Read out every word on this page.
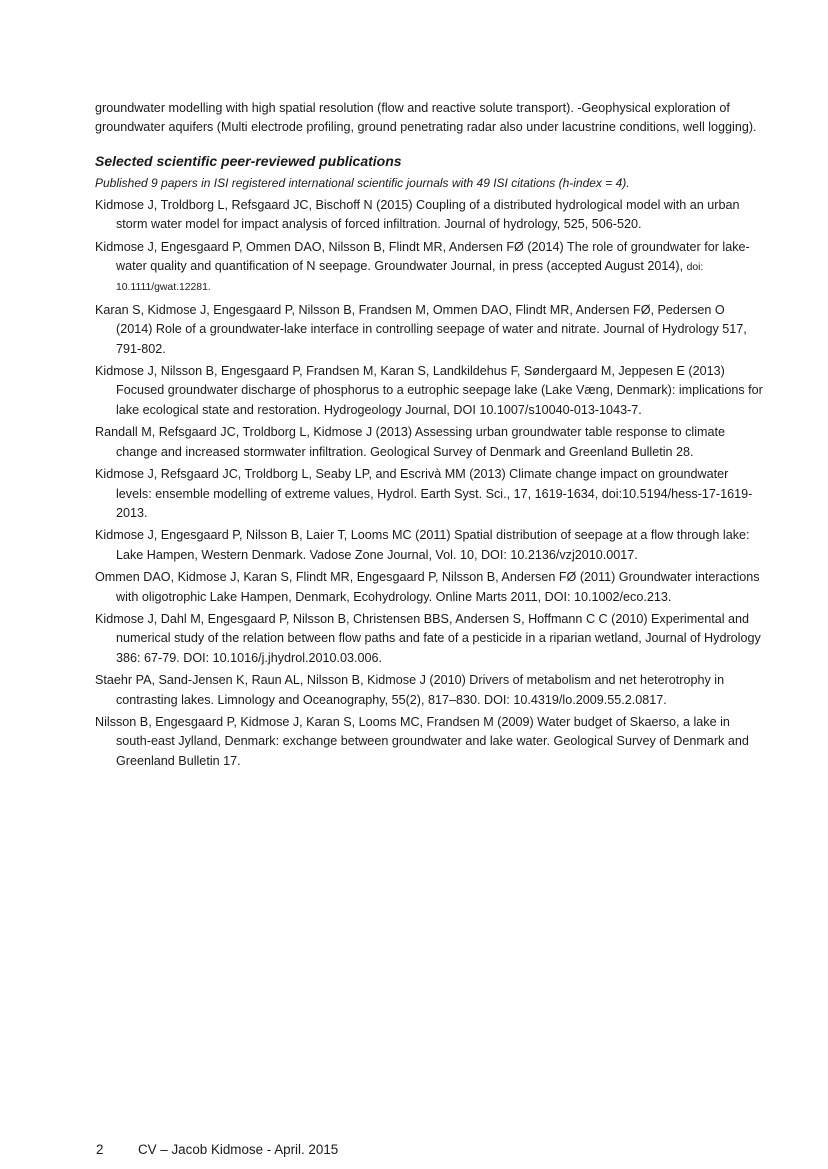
groundwater modelling with high spatial resolution (flow and reactive solute transport). -Geophysical exploration of groundwater aquifers (Multi electrode profiling, ground penetrating radar also under lacustrine conditions, well logging).

Selected scientific peer-reviewed publications
Published 9 papers in ISI registered international scientific journals with 49 ISI citations (h-index = 4).

Kidmose J, Troldborg L, Refsgaard JC, Bischoff N (2015) Coupling of a distributed hydrological model with an urban storm water model for impact analysis of forced infiltration. Journal of hydrology, 525, 506-520.

Kidmose J, Engesgaard P, Ommen DAO, Nilsson B, Flindt MR, Andersen FØ (2014) The role of groundwater for lake-water quality and quantification of N seepage. Groundwater Journal, in press (accepted August 2014), doi: 10.1111/gwat.12281.

Karan S, Kidmose J, Engesgaard P, Nilsson B, Frandsen M, Ommen DAO, Flindt MR, Andersen FØ, Pedersen O (2014) Role of a groundwater-lake interface in controlling seepage of water and nitrate. Journal of Hydrology 517, 791-802.

Kidmose J, Nilsson B, Engesgaard P, Frandsen M, Karan S, Landkildehus F, Søndergaard M, Jeppesen E (2013) Focused groundwater discharge of phosphorus to a eutrophic seepage lake (Lake Væng, Denmark): implications for lake ecological state and restoration. Hydrogeology Journal, DOI 10.1007/s10040-013-1043-7.

Randall M, Refsgaard JC, Troldborg L, Kidmose J (2013) Assessing urban groundwater table response to climate change and increased stormwater infiltration. Geological Survey of Denmark and Greenland Bulletin 28.

Kidmose J, Refsgaard JC, Troldborg L, Seaby LP, and Escrivà MM (2013) Climate change impact on groundwater levels: ensemble modelling of extreme values, Hydrol. Earth Syst. Sci., 17, 1619-1634, doi:10.5194/hess-17-1619-2013.

Kidmose J, Engesgaard P, Nilsson B, Laier T, Looms MC (2011) Spatial distribution of seepage at a flow through lake: Lake Hampen, Western Denmark. Vadose Zone Journal, Vol. 10, DOI: 10.2136/vzj2010.0017.

Ommen DAO, Kidmose J, Karan S, Flindt MR, Engesgaard P, Nilsson B, Andersen FØ (2011) Groundwater interactions with oligotrophic Lake Hampen, Denmark, Ecohydrology. Online Marts 2011, DOI: 10.1002/eco.213.

Kidmose J, Dahl M, Engesgaard P, Nilsson B, Christensen BBS, Andersen S, Hoffmann C C (2010) Experimental and numerical study of the relation between flow paths and fate of a pesticide in a riparian wetland, Journal of Hydrology 386: 67-79. DOI: 10.1016/j.jhydrol.2010.03.006.

Staehr PA, Sand-Jensen K, Raun AL, Nilsson B, Kidmose J (2010) Drivers of metabolism and net heterotrophy in contrasting lakes. Limnology and Oceanography, 55(2), 817–830. DOI: 10.4319/lo.2009.55.2.0817.

Nilsson B, Engesgaard P, Kidmose J, Karan S, Looms MC, Frandsen M (2009) Water budget of Skaerso, a lake in south-east Jylland, Denmark: exchange between groundwater and lake water. Geological Survey of Denmark and Greenland Bulletin 17.

2	CV – Jacob Kidmose - April. 2015
